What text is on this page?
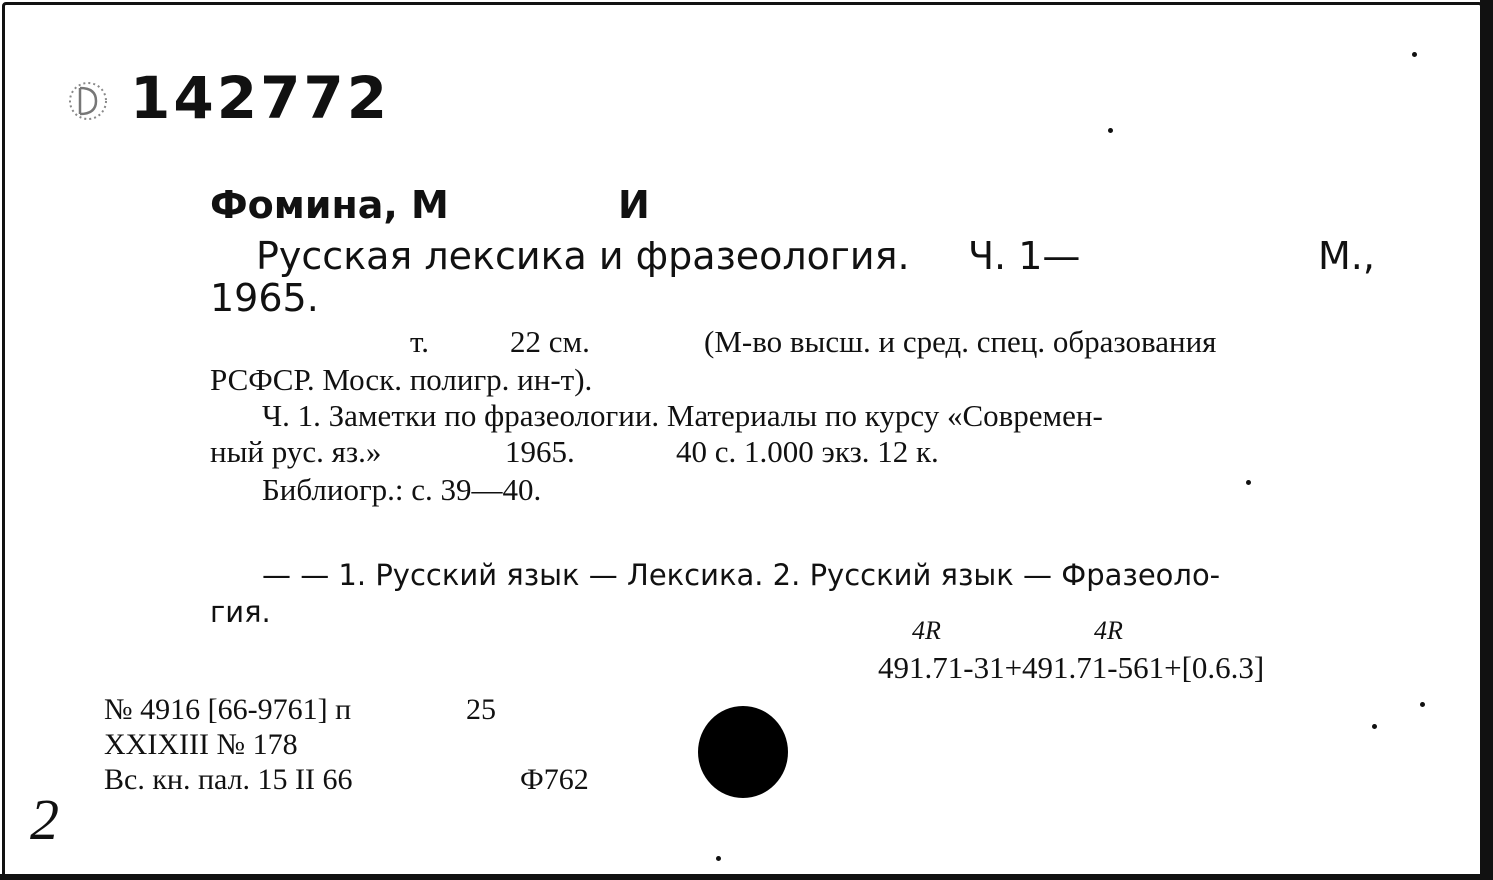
142772
Фомина, М	И
Русская лексика и фразеология. Ч. 1—	М.,
1965.
т.	22 см.	(М-во высш. и сред. спец. образования
РСФСР. Моск. полигр. ин-т).
Ч. 1. Заметки по фразеологии. Материалы по курсу «Современ-
ный рус. яз.»	1965.	40 с. 1.000 экз. 12 к.
Библиогр.: с. 39—40.
— — 1. Русский язык — Лексика. 2. Русский язык — Фразеоло-
гия.
4R	4R
491.71-31+491.71-561+[0.6.3]
№ 4916 [66-9761] п	25
XXIXIII № 178
Вс. кн. пал. 15 II 66	Ф762
2
